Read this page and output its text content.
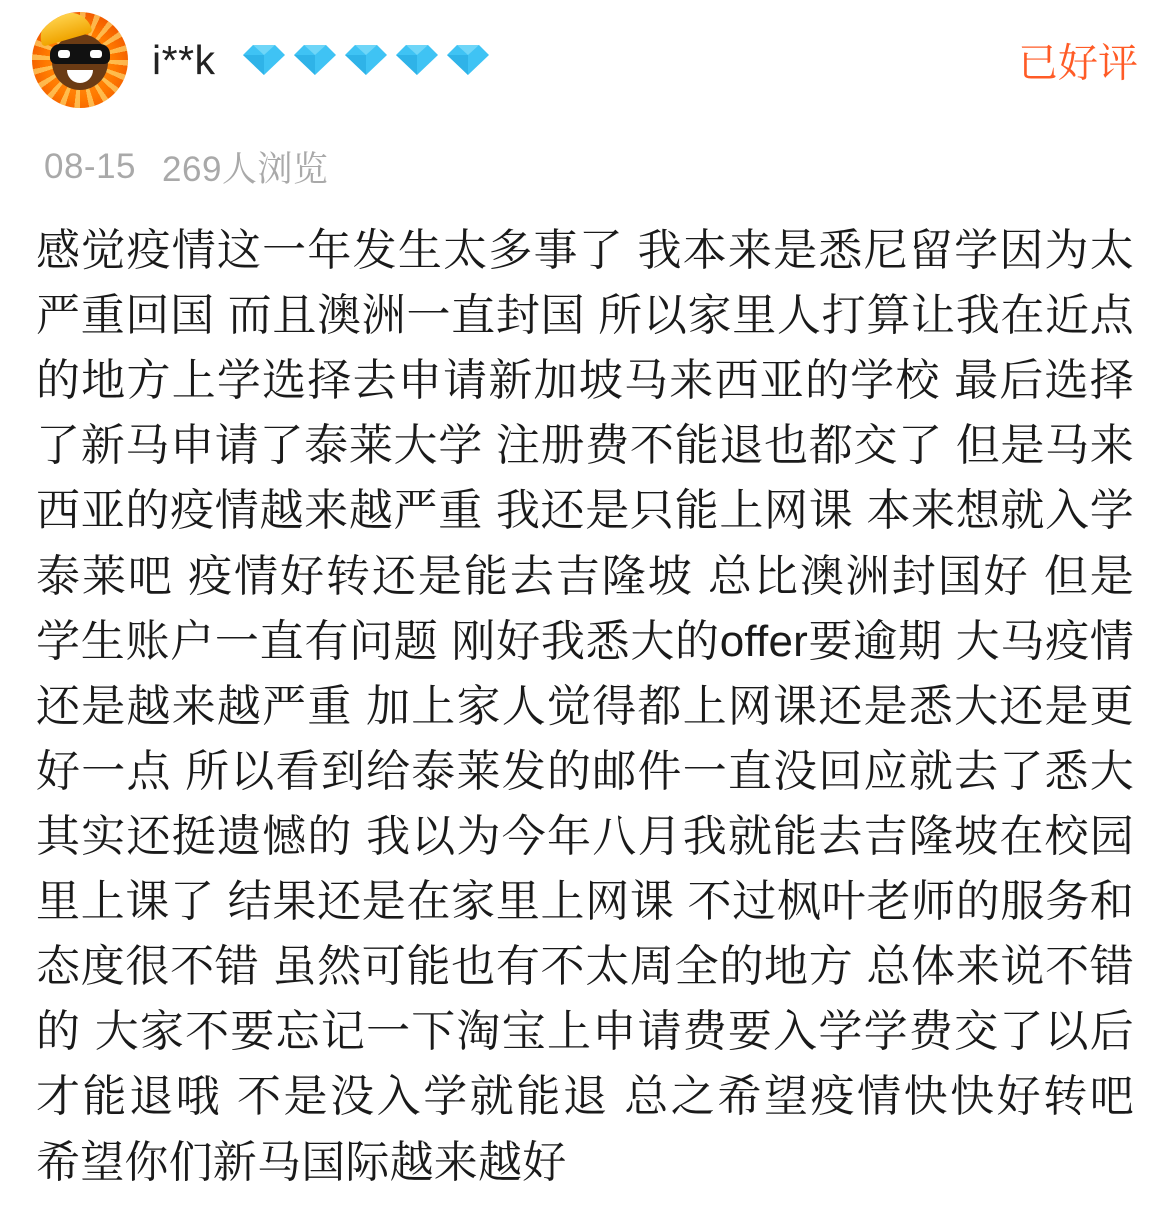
i**k	已好评
08-15 269人浏览
感觉疫情这一年发生太多事了 我本来是悉尼留学因为太严重回国 而且澳洲一直封国 所以家里人打算让我在近点的地方上学选择去申请新加坡马来西亚的学校 最后选择了新马申请了泰莱大学 注册费不能退也都交了 但是马来西亚的疫情越来越严重 我还是只能上网课 本来想就入学泰莱吧 疫情好转还是能去吉隆坡 总比澳洲封国好 但是学生账户一直有问题 刚好我悉大的offer要逾期 大马疫情还是越来越严重 加上家人觉得都上网课还是悉大还是更好一点 所以看到给泰莱发的邮件一直没回应就去了悉大 其实还挺遗憾的 我以为今年八月我就能去吉隆坡在校园里上课了 结果还是在家里上网课 不过枫叶老师的服务和态度很不错 虽然可能也有不太周全的地方 总体来说不错的 大家不要忘记一下淘宝上申请费要入学学费交了以后才能退哦 不是没入学就能退 总之希望疫情快快好转吧 希望你们新马国际越来越好
